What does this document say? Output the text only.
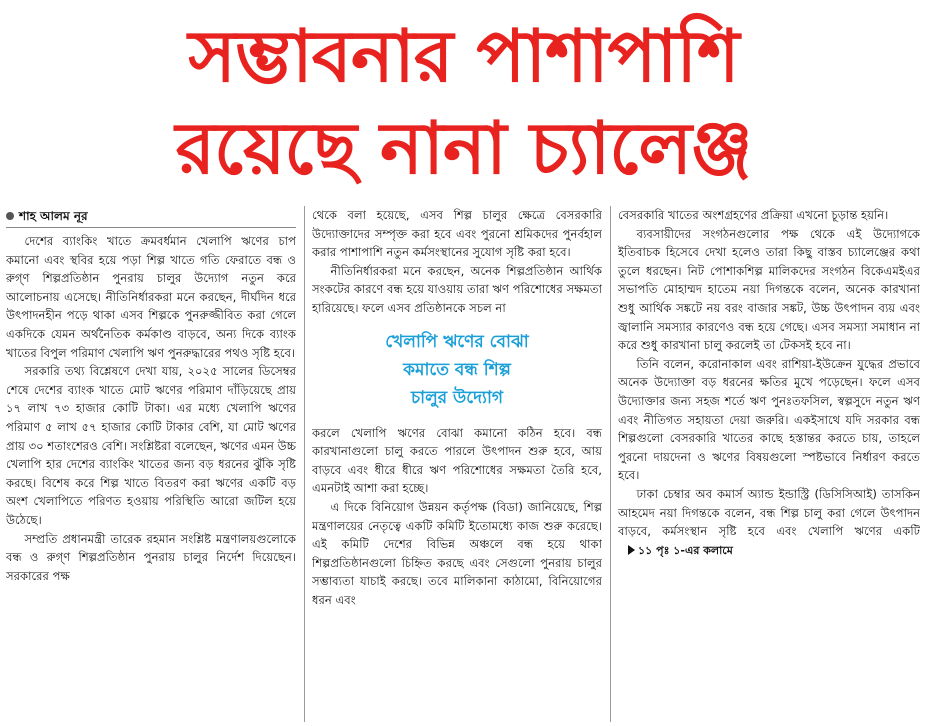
সম্ভাবনার পাশাপাশি
রয়েছে নানা চ্যালেঞ্জ
শাহ আলম নূর

দেশের ব্যাংকিং খাতে ক্রমবর্ধমান খেলাপি ঋণের চাপ কমানো এবং স্থবির হয়ে পড়া শিল্প খাতে গতি ফেরাতে বন্ধ ও রুগ্ণ শিল্পপ্রতিষ্ঠান পুনরায় চালুর উদ্যোগ নতুন করে আলোচনায় এসেছে। নীতিনির্ধারকরা মনে করছেন, দীর্ঘদিন ধরে উৎপাদনহীন পড়ে থাকা এসব শিল্পকে পুনরুজ্জীবিত করা গেলে একদিকে যেমন অর্থনৈতিক কর্মকাণ্ড বাড়বে, অন্য দিকে ব্যাংক খাতের বিপুল পরিমাণ খেলাপি ঋণ পুনরুদ্ধারের পথও সৃষ্টি হবে।

সরকারি তথ্য বিশ্লেষণে দেখা যায়, ২০২৫ সালের ডিসেম্বর শেষে দেশের ব্যাংক খাতে মোট ঋণের পরিমাণ দাঁড়িয়েছে প্রায় ১৭ লাখ ৭৩ হাজার কোটি টাকা। এর মধ্যে খেলাপি ঋণের পরিমাণ ৫ লাখ ৫৭ হাজার কোটি টাকার বেশি, যা মোট ঋণের প্রায় ৩০ শতাংশেরও বেশি। সংশ্লিষ্টরা বলেছেন, ঋণের এমন উচ্চ খেলাপি হার দেশের ব্যাংকিং খাতের জন্য বড় ধরনের ঝুঁকি সৃষ্টি করছে। বিশেষ করে শিল্প খাতে বিতরণ করা ঋণের একটি বড় অংশ খেলাপিতে পরিণত হওয়ায় পরিস্থিতি আরো জটিল হয়ে উঠেছে।

সম্প্রতি প্রধানমন্ত্রী তারেক রহমান সংশ্লিষ্ট মন্ত্রণালয়গুলোকে বন্ধ ও রুগ্ণ শিল্পপ্রতিষ্ঠান পুনরায় চালুর নির্দেশ দিয়েছেন। সরকারের পক্ষ

থেকে বলা হয়েছে, এসব শিল্প চালুর ক্ষেত্রে বেসরকারি উদ্যোক্তাদের সম্পৃক্ত করা হবে এবং পুরনো শ্রমিকদের পুনর্বহাল করার পাশাপাশি নতুন কর্মসংস্থানের সুযোগ সৃষ্টি করা হবে।

নীতিনির্ধারকরা মনে করছেন, অনেক শিল্পপ্রতিষ্ঠান আর্থিক সংকটের কারণে বন্ধ হয়ে যাওয়ায় তারা ঋণ পরিশোধের সক্ষমতা হারিয়েছে। ফলে এসব প্রতিষ্ঠানকে সচল না

খেলাপি ঋণের বোঝা
কমাতে বন্ধ শিল্প
চালুর উদ্যোগ

করলে খেলাপি ঋণের বোঝা কমানো কঠিন হবে। বন্ধ কারখানাগুলো চালু করতে পারলে উৎপাদন শুরু হবে, আয় বাড়বে এবং ধীরে ধীরে ঋণ পরিশোধের সক্ষমতা তৈরি হবে, এমনটাই আশা করা হচ্ছে।

এ দিকে বিনিয়োগ উন্নয়ন কর্তৃপক্ষ (বিডা) জানিয়েছে, শিল্প মন্ত্রণালয়ের নেতৃত্বে একটি কমিটি ইতোমধ্যে কাজ শুরু করেছে। এই কমিটি দেশের বিভিন্ন অঞ্চলে বন্ধ হয়ে থাকা শিল্পপ্রতিষ্ঠানগুলো চিহ্নিত করছে এবং সেগুলো পুনরায় চালুর সম্ভাব্যতা যাচাই করছে। তবে মালিকানা কাঠামো, বিনিয়োগের ধরন এবং

বেসরকারি খাতের অংশগ্রহণের প্রক্রিয়া এখনো চূড়ান্ত হয়নি।

ব্যবসায়ীদের সংগঠনগুলোর পক্ষ থেকে এই উদ্যোগকে ইতিবাচক হিসেবে দেখা হলেও তারা কিছু বাস্তব চ্যালেঞ্জের কথা তুলে ধরছেন। নিট পোশাকশিল্প মালিকদের সংগঠন বিকেএমইএর সভাপতি মোহাম্মদ হাতেম নয়া দিগন্তকে বলেন, অনেক কারখানা শুধু আর্থিক সঙ্কটে নয় বরং বাজার সঙ্কট, উচ্চ উৎপাদন ব্যয় এবং জ্বালানি সমস্যার কারণেও বন্ধ হয়ে গেছে। এসব সমস্যা সমাধান না করে শুধু কারখানা চালু করলেই তা টেকসই হবে না।

তিনি বলেন, করোনাকাল এবং রাশিয়া-ইউক্রেন যুদ্ধের প্রভাবে অনেক উদ্যোক্তা বড় ধরনের ক্ষতির মুখে পড়েছেন। ফলে এসব উদ্যোক্তার জন্য সহজ শর্তে ঋণ পুনঃতফসিল, স্বল্পসুদে নতুন ঋণ এবং নীতিগত সহায়তা দেয়া জরুরি। একইসাথে যদি সরকার বন্ধ শিল্পগুলো বেসরকারি খাতের কাছে হস্তান্তর করতে চায়, তাহলে পুরনো দায়দেনা ও ঋণের বিষয়গুলো স্পষ্টভাবে নির্ধারণ করতে হবে।

ঢাকা চেম্বার অব কমার্স অ্যান্ড ইন্ডাস্ট্রি (ডিসিসিআই) তাসকিন আহমেদ নয়া দিগন্তকে বলেন, বন্ধ শিল্প চালু করা গেলে উৎপাদন বাড়বে, কর্মসংস্থান সৃষ্টি হবে এবং খেলাপি ঋণের একটি১১ পৃঃ ১-এর কলামে
